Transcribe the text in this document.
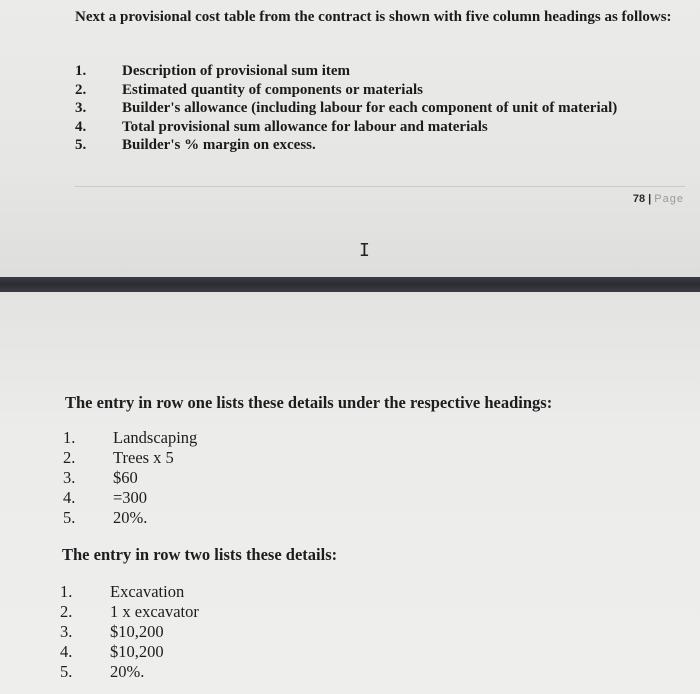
Next a provisional cost table from the contract is shown with five column headings as follows:
1.	Description of provisional sum item
2.	Estimated quantity of components or materials
3.	Builder's allowance (including labour for each component of unit of material)
4.	Total provisional sum allowance for labour and materials
5.	Builder's % margin on excess.
78 | Page
I
The entry in row one lists these details under the respective headings:
1.	Landscaping
2.	Trees x 5
3.	$60
4.	=300
5.	20%.
The entry in row two lists these details:
1.	Excavation
2.	1 x excavator
3.	$10,200
4.	$10,200
5.	20%.
